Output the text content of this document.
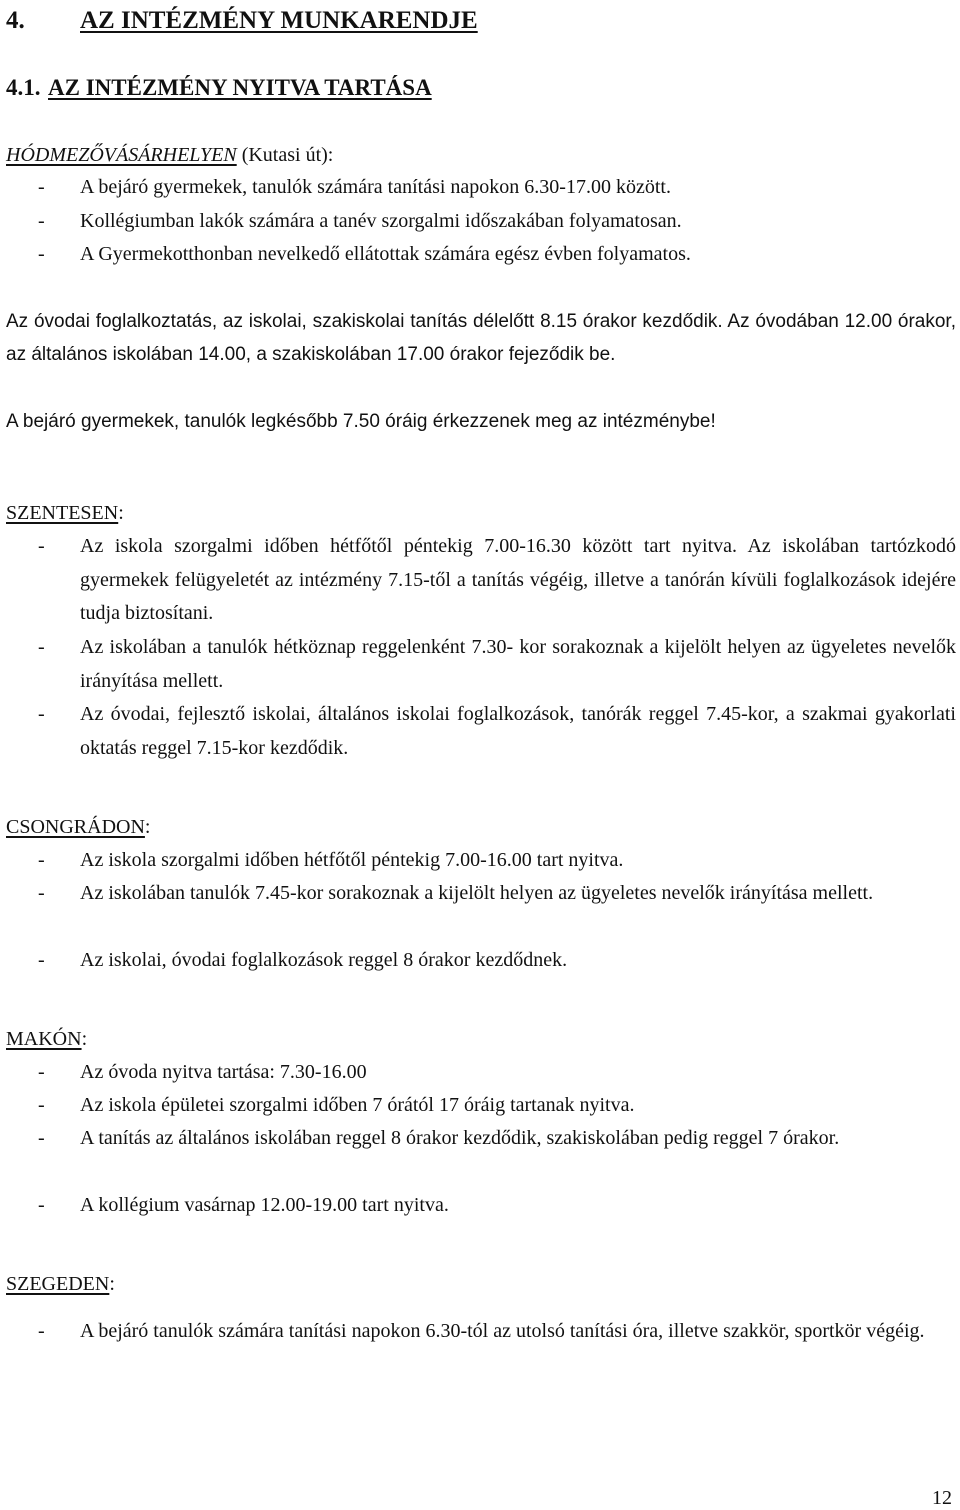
4. AZ INTÉZMÉNY MUNKARENDJE
4.1. AZ INTÉZMÉNY NYITVA TARTÁSA
HÓDMEZŐVÁSÁRHELYEN (Kutasi út):
- A bejáró gyermekek, tanulók számára tanítási napokon 6.30-17.00 között.
- Kollégiumban lakók számára a tanév szorgalmi időszakában folyamatosan.
- A Gyermekotthonban nevelkedő ellátottak számára egész évben folyamatos.
Az óvodai foglalkoztatás, az iskolai, szakiskolai tanítás délelőtt 8.15 órakor kezdődik. Az óvodában 12.00 órakor, az általános iskolában 14.00, a szakiskolában 17.00 órakor fejeződik be.
A bejáró gyermekek, tanulók legkésőbb 7.50 óráig érkezzenek meg az intézménybe!
SZENTESEN:
- Az iskola szorgalmi időben hétfőtől péntekig 7.00-16.30 között tart nyitva. Az iskolában tartózkodó gyermekek felügyeletét az intézmény 7.15-től a tanítás végéig, illetve a tanórán kívüli foglalkozások idejére tudja biztosítani.
- Az iskolában a tanulók hétköznap reggelenként 7.30- kor sorakoznak a kijelölt helyen az ügyeletes nevelők irányítása mellett.
- Az óvodai, fejlesztő iskolai, általános iskolai foglalkozások, tanórák reggel 7.45-kor, a szakmai gyakorlati oktatás reggel 7.15-kor kezdődik.
CSONGRÁDON:
- Az iskola szorgalmi időben hétfőtől péntekig 7.00-16.00 tart nyitva.
- Az iskolában tanulók 7.45-kor sorakoznak a kijelölt helyen az ügyeletes nevelők irányítása mellett.
- Az iskolai, óvodai foglalkozások reggel 8 órakor kezdődnek.
MAKÓN:
- Az óvoda nyitva tartása: 7.30-16.00
- Az iskola épületei szorgalmi időben 7 órától 17 óráig tartanak nyitva.
- A tanítás az általános iskolában reggel 8 órakor kezdődik, szakiskolában pedig reggel 7 órakor.
- A kollégium vasárnap 12.00-19.00 tart nyitva.
SZEGEDEN:
- A bejáró tanulók számára tanítási napokon 6.30-tól az utolsó tanítási óra, illetve szakkör, sportkör végéig.
12
